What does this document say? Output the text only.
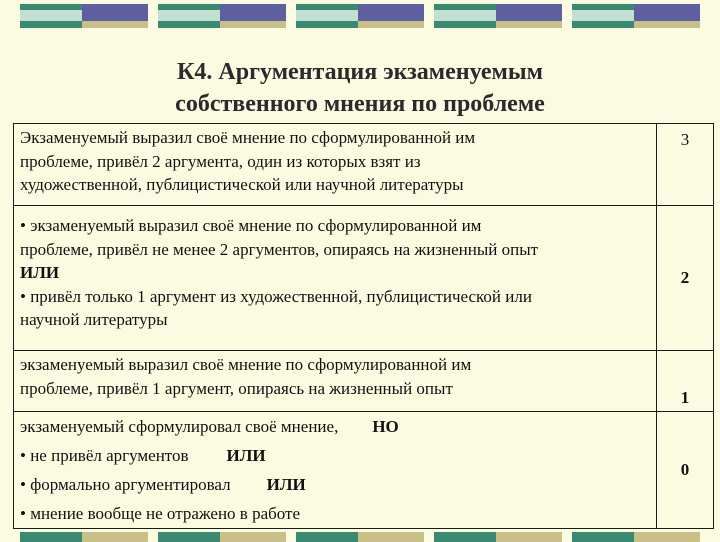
К4. Аргументация экзаменуемым
собственного мнения по проблеме
Экзаменуемый выразил своё мнение по сформулированной им
проблеме, привёл 2 аргумента, один из которых взят из
художественной, публицистической или научной литературы	3

• экзаменуемый выразил своё мнение по сформулированной им
проблеме, привёл не менее 2 аргументов, опираясь на жизненный опыт
ИЛИ
• привёл только 1 аргумент из художественной, публицистической или
научной литературы	2

экзаменуемый выразил своё мнение по сформулированной им
проблеме, привёл 1 аргумент, опираясь на жизненный опыт	1

экзаменуемый сформулировал своё мнение, НО
• не привёл аргументов ИЛИ
• формально аргументировал ИЛИ
• мнение вообще не отражено в работе	0
